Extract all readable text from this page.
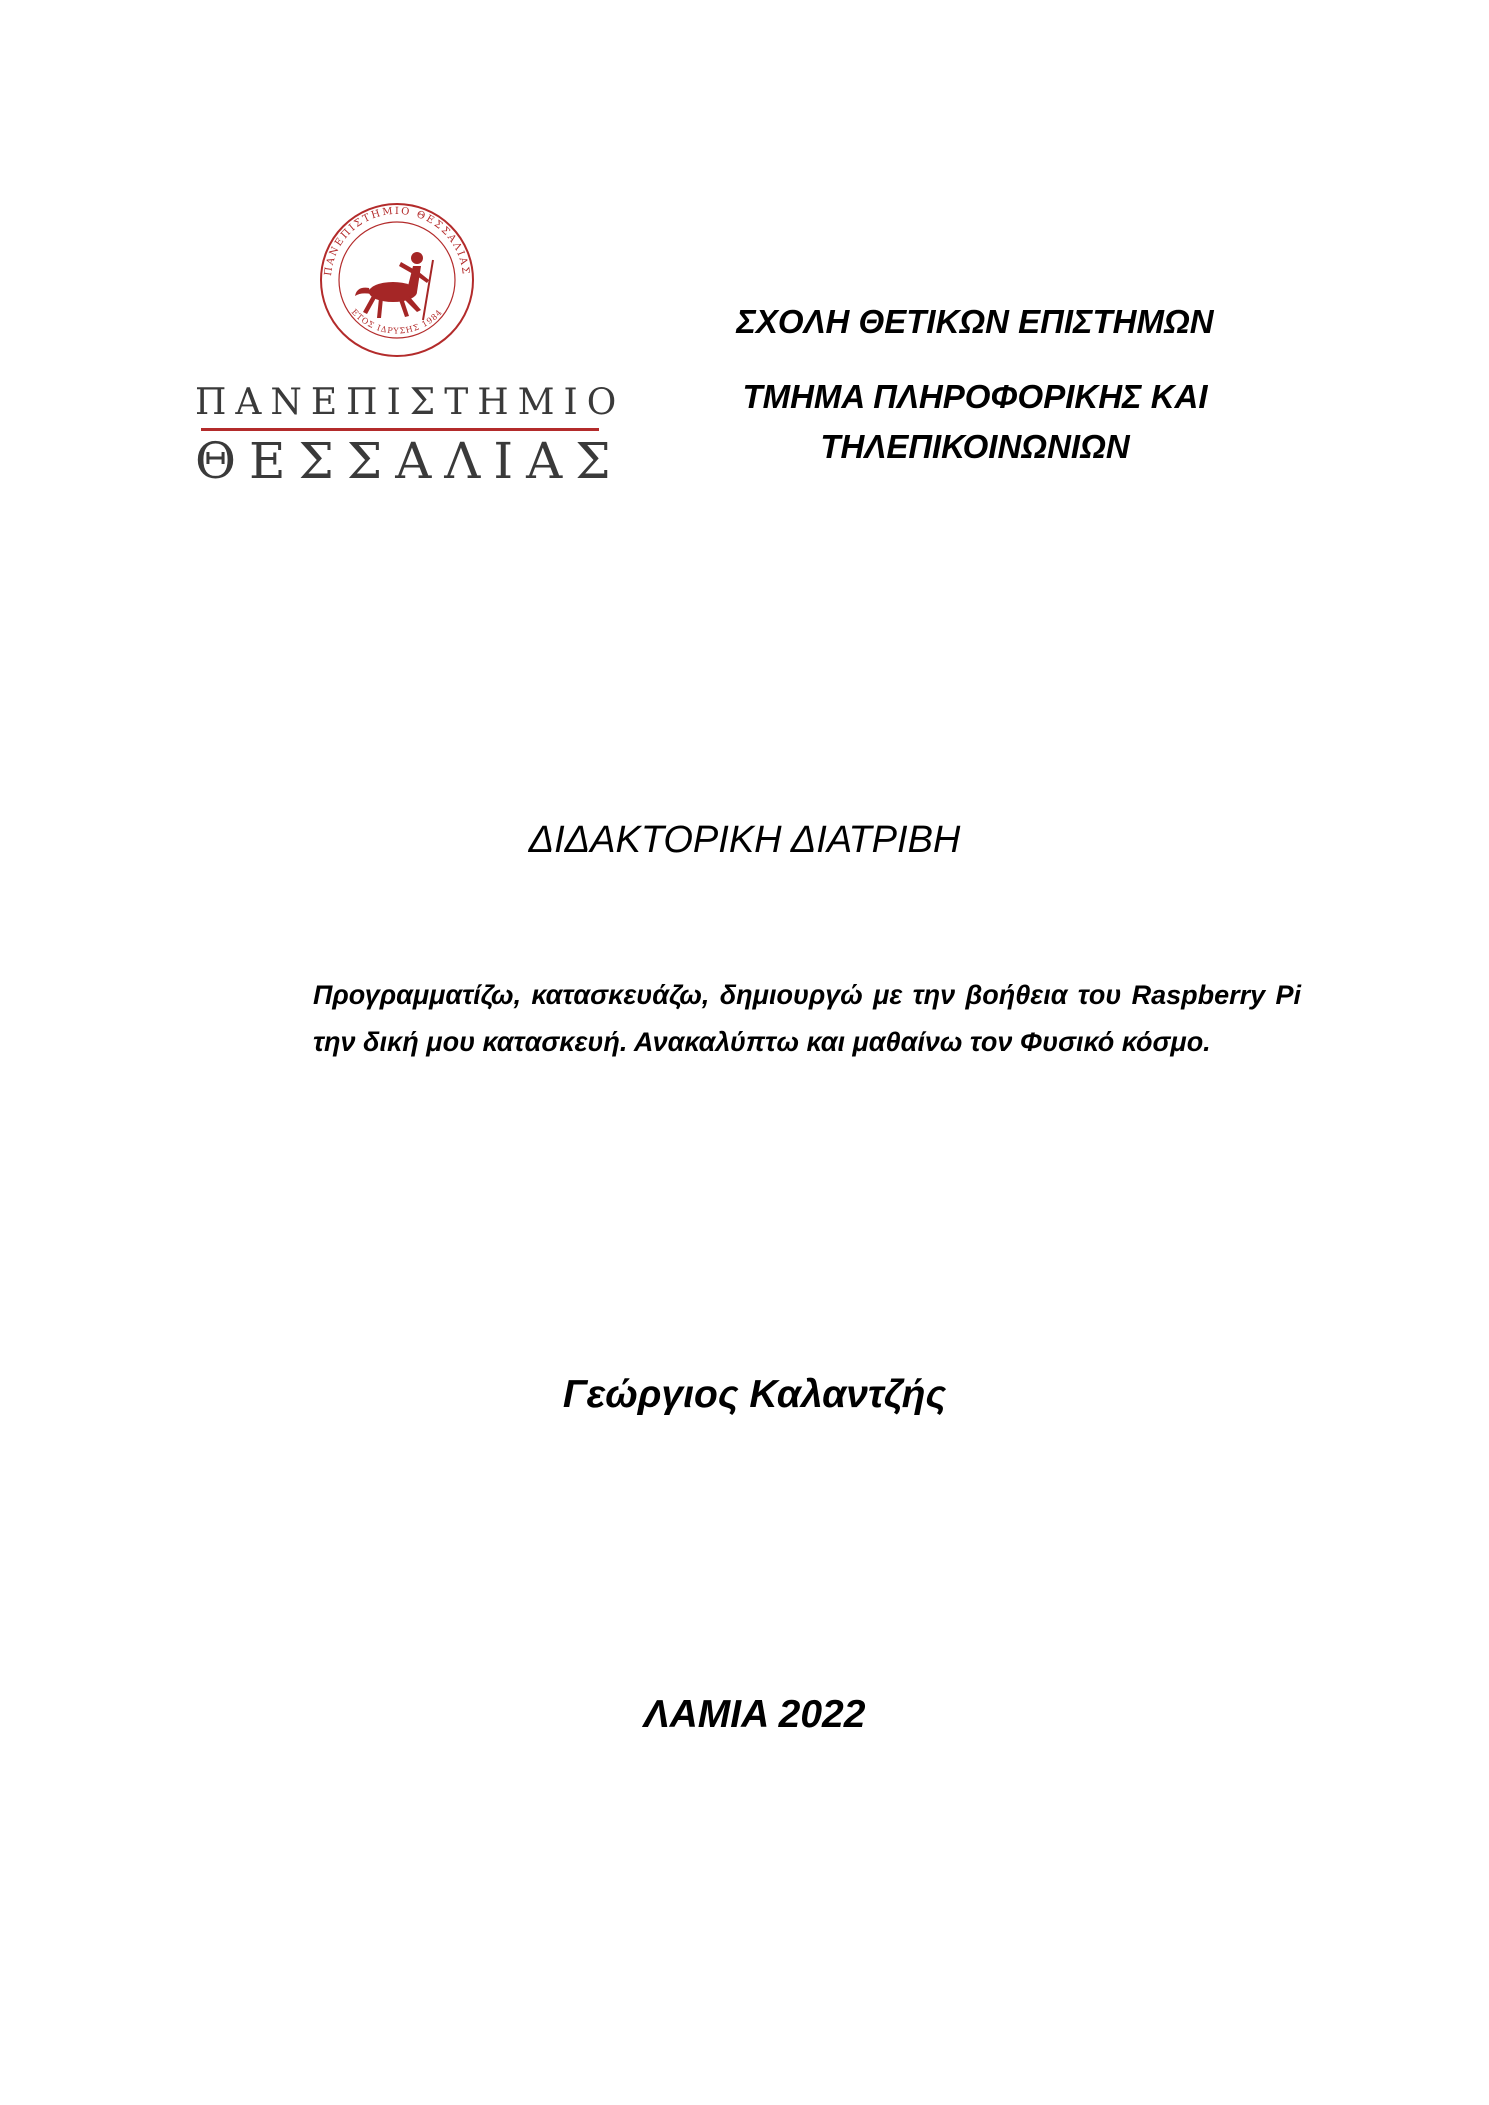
ΠΑΝΕΠΙΣΤΗΜΙΟ ΘΕΣΣΑΛΙΑΣ
ΕΤΟΣ ΙΔΡΥΣΗΣ 1984
ΠΑΝΕΠΙΣΤΗΜΙΟ
ΘΕΣΣΑΛΙΑΣ
ΣΧΟΛΗ ΘΕΤΙΚΩΝ ΕΠΙΣΤΗΜΩΝ
ΤΜΗΜΑ ΠΛΗΡΟΦΟΡΙΚΗΣ ΚΑΙ
ΤΗΛΕΠΙΚΟΙΝΩΝΙΩΝ
ΔΙΔΑΚΤΟΡΙΚΗ ΔΙΑΤΡΙΒΗ
Προγραμματίζω, κατασκευάζω, δημιουργώ με την βοήθεια του Raspberry Pi την δική μου κατασκευή. Ανακαλύπτω και μαθαίνω τον Φυσικό κόσμο.
Γεώργιος Καλαντζής
ΛΑΜΙΑ 2022
